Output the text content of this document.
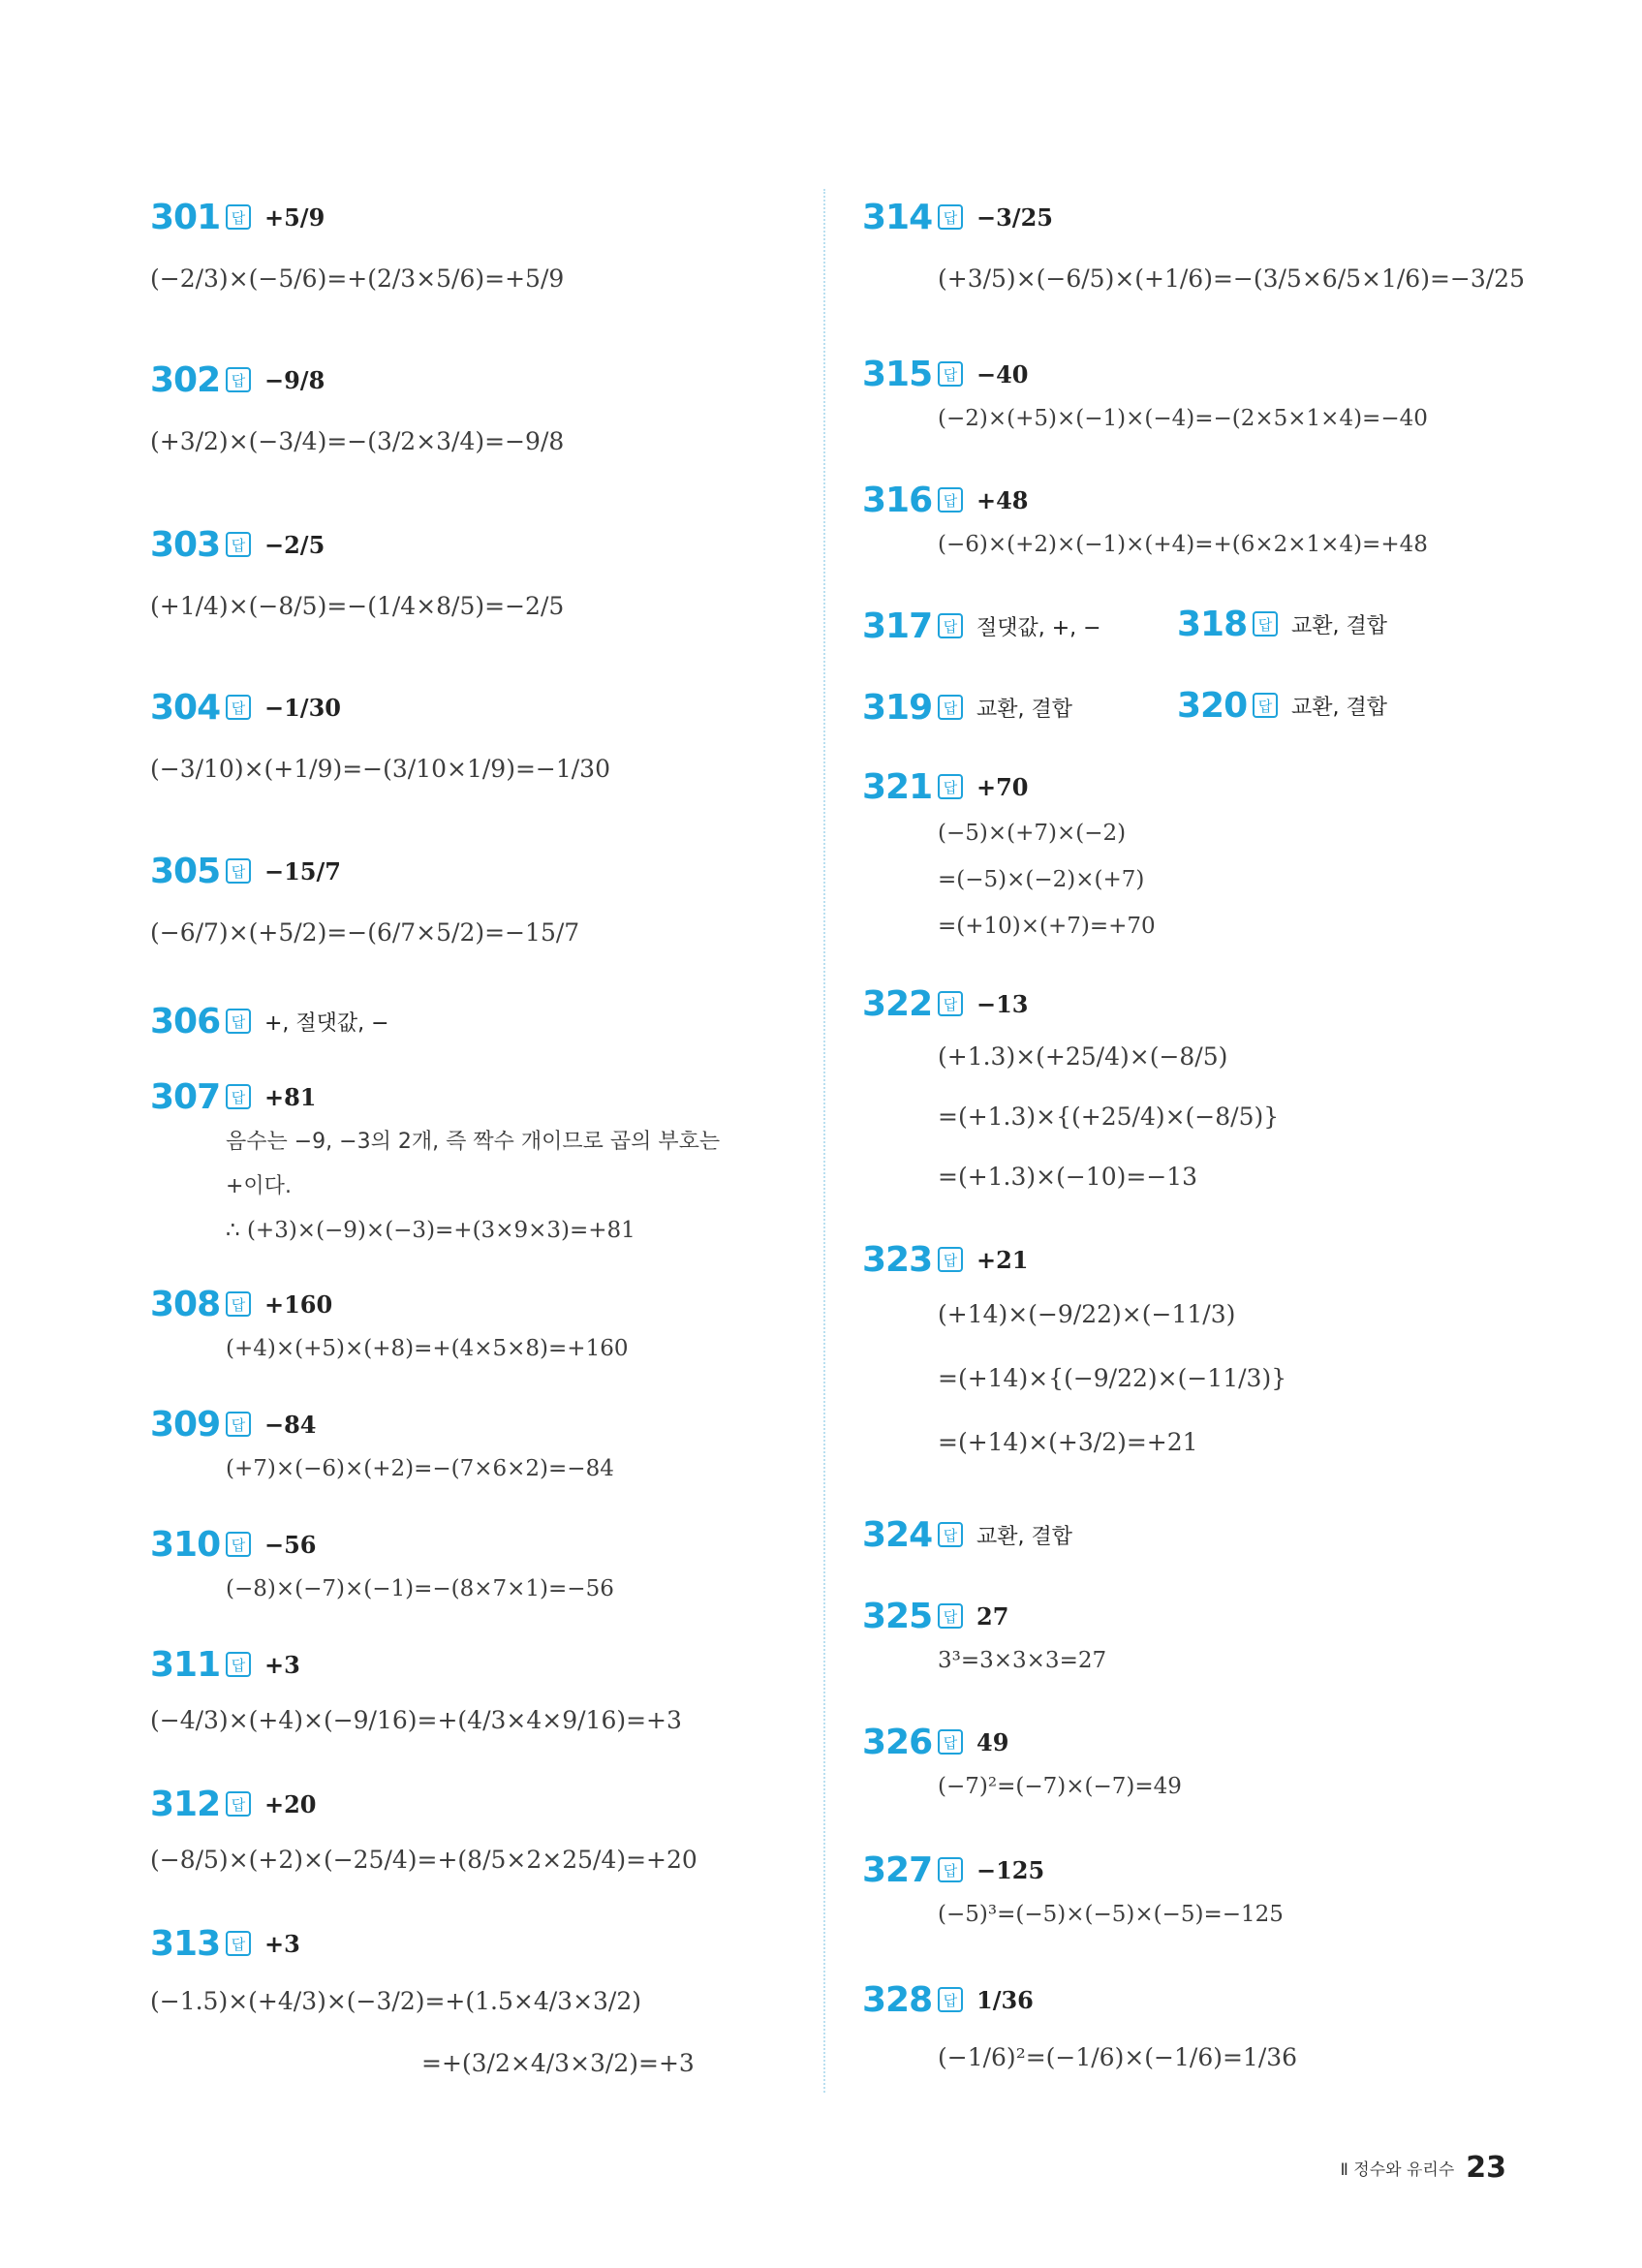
301 답 +5/9
(−2/3)×(−5/6)=+(2/3×5/6)=+5/9
302 답 −9/8
(+3/2)×(−3/4)=−(3/2×3/4)=−9/8
303 답 −2/5
(+1/4)×(−8/5)=−(1/4×8/5)=−2/5
304 답 −1/30
(−3/10)×(+1/9)=−(3/10×1/9)=−1/30
305 답 −15/7
(−6/7)×(+5/2)=−(6/7×5/2)=−15/7
306 답 +, 절댓값, −
307 답 +81
음수는 −9, −3의 2개, 즉 짝수 개이므로 곱의 부호는
+이다.
∴ (+3)×(−9)×(−3)=+(3×9×3)=+81
308 답 +160
(+4)×(+5)×(+8)=+(4×5×8)=+160
309 답 −84
(+7)×(−6)×(+2)=−(7×6×2)=−84
310 답 −56
(−8)×(−7)×(−1)=−(8×7×1)=−56
311 답 +3
(−4/3)×(+4)×(−9/16)=+(4/3×4×9/16)=+3
312 답 +20
(−8/5)×(+2)×(−25/4)=+(8/5×2×25/4)=+20
313 답 +3
(−1.5)×(+4/3)×(−3/2)=+(1.5×4/3×3/2)
=+(3/2×4/3×3/2)=+3
314 답 −3/25
(+3/5)×(−6/5)×(+1/6)=−(3/5×6/5×1/6)=−3/25
315 답 −40
(−2)×(+5)×(−1)×(−4)=−(2×5×1×4)=−40
316 답 +48
(−6)×(+2)×(−1)×(+4)=+(6×2×1×4)=+48
317 답 절댓값, +, − 318 답 교환, 결합
319 답 교환, 결합	320 답 교환, 결합
321 답 +70
(−5)×(+7)×(−2)
=(−5)×(−2)×(+7)
=(+10)×(+7)=+70
322 답 −13
(+1.3)×(+25/4)×(−8/5)
=(+1.3)×{(+25/4)×(−8/5)}
=(+1.3)×(−10)=−13
323 답 +21
(+14)×(−9/22)×(−11/3)
=(+14)×{(−9/22)×(−11/3)}
=(+14)×(+3/2)=+21
324 답 교환, 결합
325 답 27
3³=3×3×3=27
326 답 49
(−7)²=(−7)×(−7)=49
327 답 −125
(−5)³=(−5)×(−5)×(−5)=−125
328 답 1/36
(−1/6)²=(−1/6)×(−1/6)=1/36
Ⅱ 정수와 유리수 23
